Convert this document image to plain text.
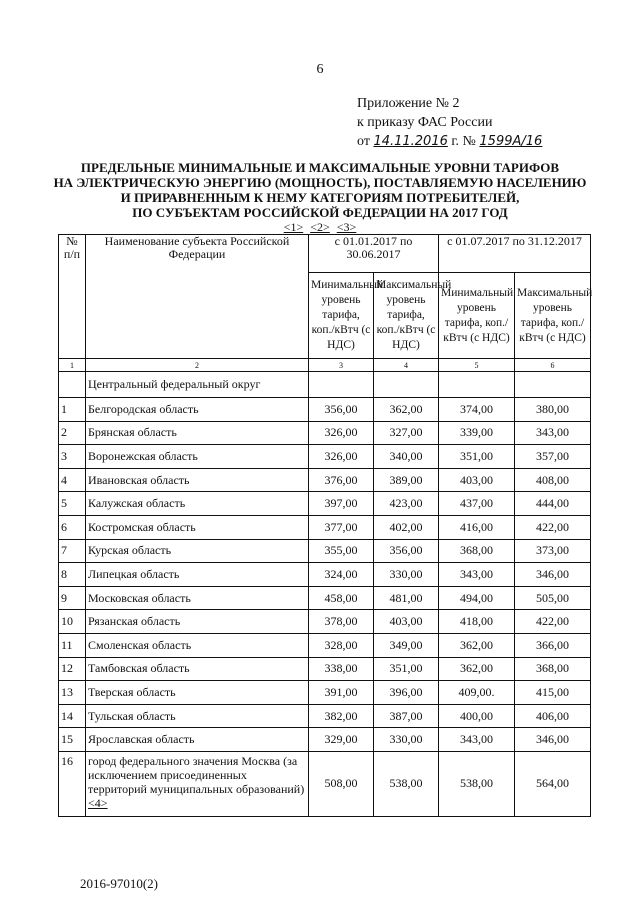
6
Приложение № 2
к приказу ФАС России
от 14.11.2016 г. № 1599А/16
ПРЕДЕЛЬНЫЕ МИНИМАЛЬНЫЕ И МАКСИМАЛЬНЫЕ УРОВНИ ТАРИФОВ
НА ЭЛЕКТРИЧЕСКУЮ ЭНЕРГИЮ (МОЩНОСТЬ), ПОСТАВЛЯЕМУЮ НАСЕЛЕНИЮ
И ПРИРАВНЕННЫМ К НЕМУ КАТЕГОРИЯМ ПОТРЕБИТЕЛЕЙ,
ПО СУБЪЕКТАМ РОССИЙСКОЙ ФЕДЕРАЦИИ НА 2017 ГОД
<1> <2> <3>
№ п/п	Наименование субъекта Российской Федерации	с 01.01.2017 по 30.06.2017		с 01.07.2017 по 31.12.2017	
		Минимальный уровень тарифа, коп./кВтч (с НДС)	Максимальный уровень тарифа, коп./кВтч (с НДС)	Минимальный уровень тарифа, коп./кВтч (с НДС)	Максимальный уровень тарифа, коп./кВтч (с НДС)
1	2	3	4	5	6
	Центральный федеральный округ				
1	Белгородская область	356,00	362,00	374,00	380,00
2	Брянская область	326,00	327,00	339,00	343,00
3	Воронежская область	326,00	340,00	351,00	357,00
4	Ивановская область	376,00	389,00	403,00	408,00
5	Калужская область	397,00	423,00	437,00	444,00
6	Костромская область	377,00	402,00	416,00	422,00
7	Курская область	355,00	356,00	368,00	373,00
8	Липецкая область	324,00	330,00	343,00	346,00
9	Московская область	458,00	481,00	494,00	505,00
10	Рязанская область	378,00	403,00	418,00	422,00
11	Смоленская область	328,00	349,00	362,00	366,00
12	Тамбовская область	338,00	351,00	362,00	368,00
13	Тверская область	391,00	396,00	409,00.	415,00
14	Тульская область	382,00	387,00	400,00	406,00
15	Ярославская область	329,00	330,00	343,00	346,00
16	город федерального значения Москва (за исключением присоединенных территорий муниципальных образований) <4>	508,00	538,00	538,00	564,00
2016-97010(2)
